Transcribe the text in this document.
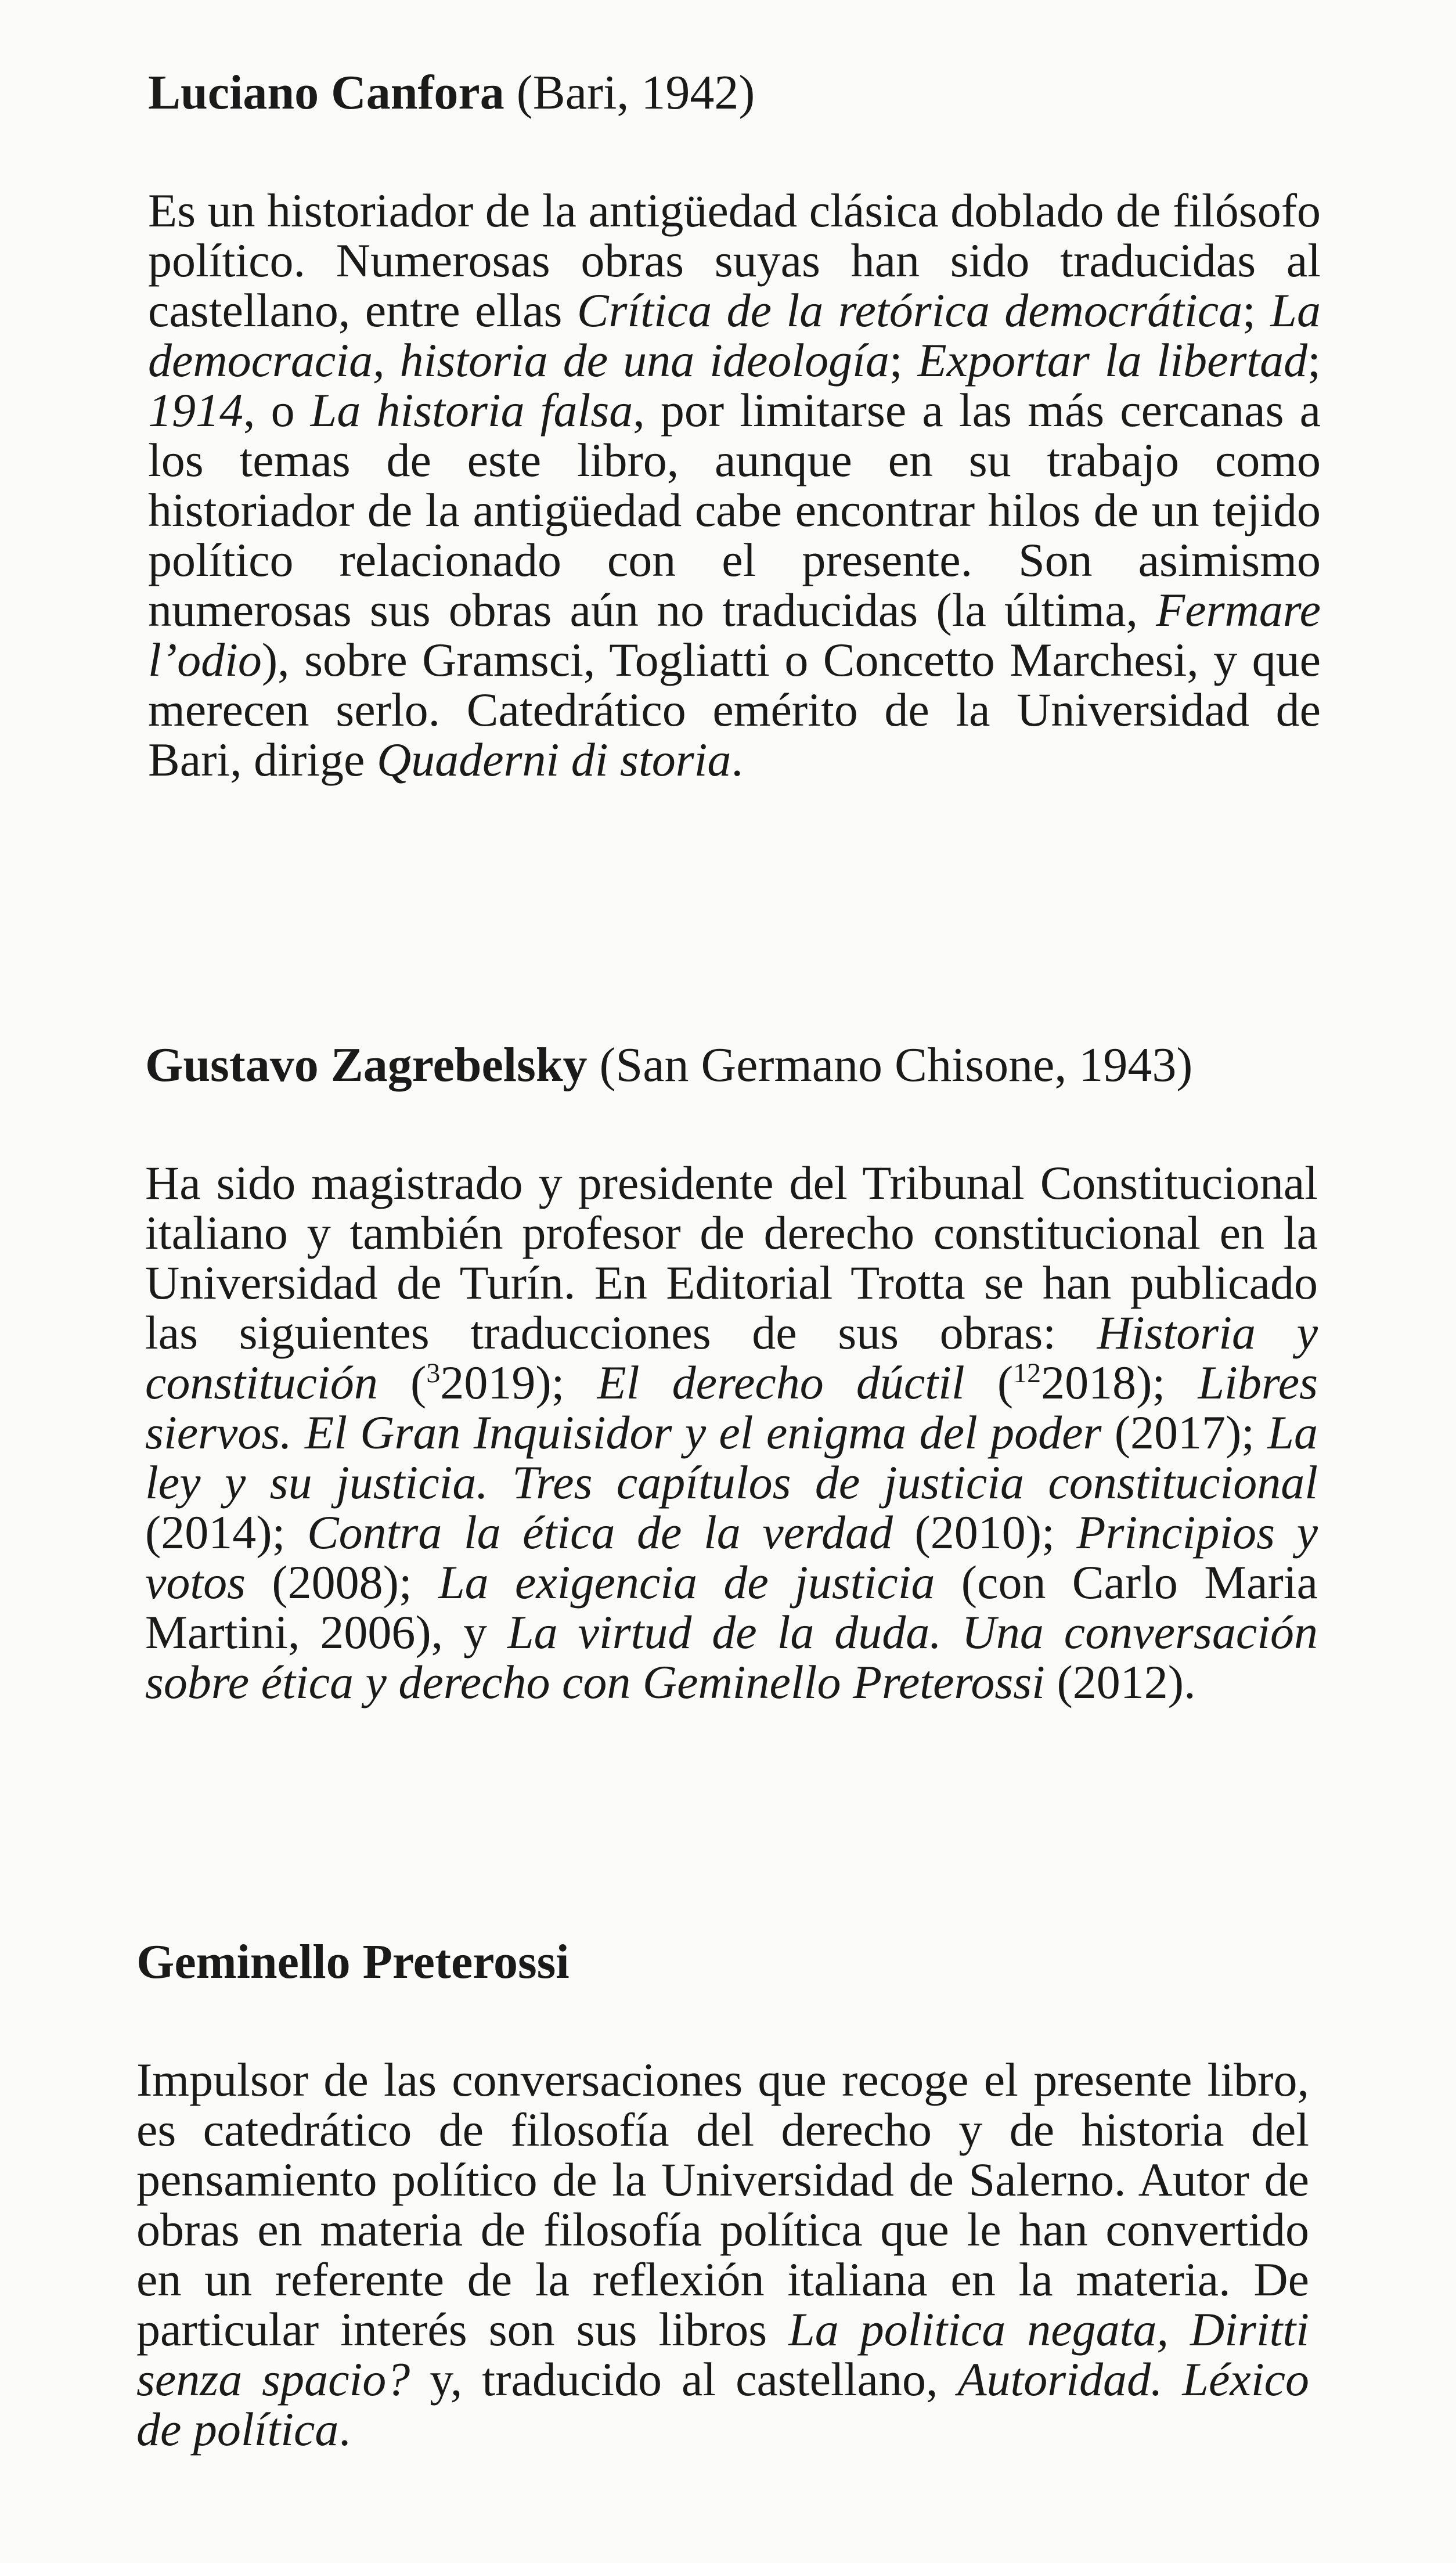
Luciano Canfora (Bari, 1942)

Es un historiador de la antigüedad clásica doblado de filósofo político. Numerosas obras suyas han sido traducidas al castellano, entre ellas Crítica de la retórica democrática; La democracia, historia de una ideología; Exportar la libertad; 1914, o La historia falsa, por limitarse a las más cercanas a los temas de este libro, aunque en su trabajo como historiador de la antigüedad cabe encontrar hilos de un tejido político relacionado con el presente. Son asimismo numerosas sus obras aún no traducidas (la última, Fermare l’odio), sobre Gramsci, Togliatti o Concetto Marchesi, y que merecen serlo. Catedrático emérito de la Universidad de Bari, dirige Quaderni di storia.

Gustavo Zagrebelsky (San Germano Chisone, 1943)

Ha sido magistrado y presidente del Tribunal Constitucional italiano y también profesor de derecho constitucional en la Universidad de Turín. En Editorial Trotta se han publicado las siguientes traducciones de sus obras: Historia y constitución ($^3$2019); El derecho dúctil ($^{12}$2018); Libres siervos. El Gran Inquisidor y el enigma del poder (2017); La ley y su justicia. Tres capítulos de justicia constitucional (2014); Contra la ética de la verdad (2010); Principios y votos (2008); La exigencia de justicia (con Carlo Maria Martini, 2006), y La virtud de la duda. Una conversación sobre ética y derecho con Geminello Preterossi (2012).

Geminello Preterossi

Impulsor de las conversaciones que recoge el presente libro, es catedrático de filosofía del derecho y de historia del pensamiento político de la Universidad de Salerno. Autor de obras en materia de filosofía política que le han convertido en un referente de la reflexión italiana en la materia. De particular interés son sus libros La politica negata, Diritti senza spacio? y, traducido al castellano, Autoridad. Léxico de política.
